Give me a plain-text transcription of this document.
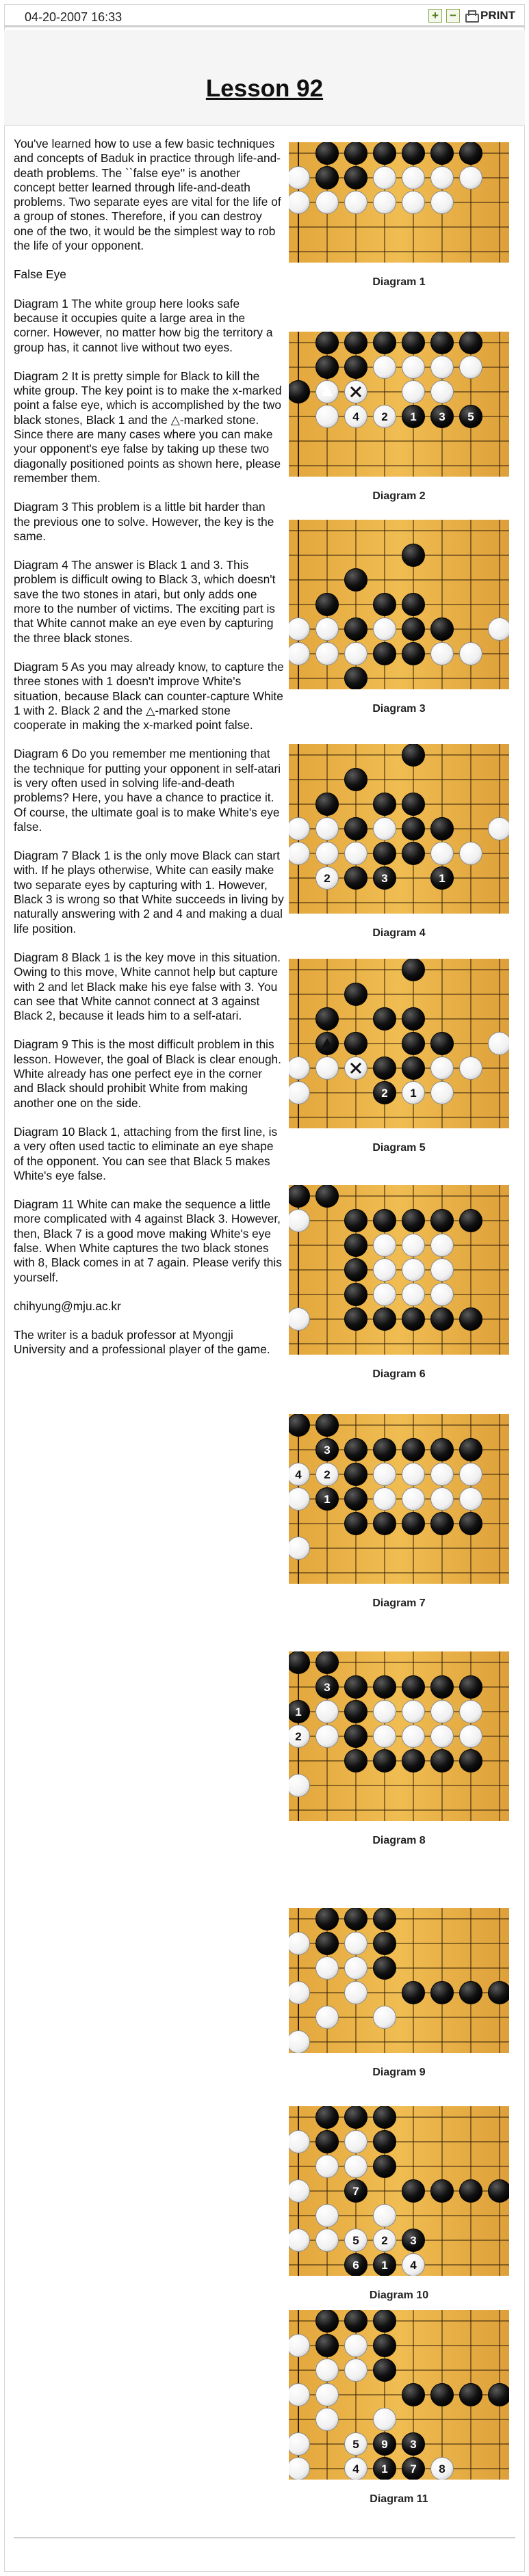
04-20-2007 16:33	+ − PRINT
Lesson 92

You've learned how to use a few basic techniques and concepts of Baduk in practice through life-and-death problems. The ``false eye'' is another concept better learned through life-and-death problems. Two separate eyes are vital for the life of a group of stones. Therefore, if you can destroy one of the two, it would be the simplest way to rob the life of your opponent.

False Eye

Diagram 1 The white group here looks safe because it occupies quite a large area in the corner. However, no matter how big the territory a group has, it cannot live without two eyes.

Diagram 2 It is pretty simple for Black to kill the white group. The key point is to make the x-marked point a false eye, which is accomplished by the two black stones, Black 1 and the △-marked stone. Since there are many cases where you can make your opponent's eye false by taking up these two diagonally positioned points as shown here, please remember them.

Diagram 3 This problem is a little bit harder than the previous one to solve. However, the key is the same.

Diagram 4 The answer is Black 1 and 3. This problem is difficult owing to Black 3, which doesn't save the two stones in atari, but only adds one more to the number of victims. The exciting part is that White cannot make an eye even by capturing the three black stones.

Diagram 5 As you may already know, to capture the three stones with 1 doesn't improve White's situation, because Black can counter-capture White 1 with 2. Black 2 and the △-marked stone cooperate in making the x-marked point false.

Diagram 6 Do you remember me mentioning that the technique for putting your opponent in self-atari is very often used in solving life-and-death problems? Here, you have a chance to practice it. Of course, the ultimate goal is to make White's eye false.

Diagram 7 Black 1 is the only move Black can start with. If he plays otherwise, White can easily make two separate eyes by capturing with 1. However, Black 3 is wrong so that White succeeds in living by naturally answering with 2 and 4 and making a dual life position.

Diagram 8 Black 1 is the key move in this situation. Owing to this move, White cannot help but capture with 2 and let Black make his eye false with 3. You can see that White cannot connect at 3 against Black 2, because it leads him to a self-atari.

Diagram 9 This is the most difficult problem in this lesson. However, the goal of Black is clear enough. White already has one perfect eye in the corner and Black should prohibit White from making another one on the side.

Diagram 10 Black 1, attaching from the first line, is a very often used tactic to eliminate an eye shape of the opponent. You can see that Black 5 makes White's eye false.

Diagram 11 White can make the sequence a little more complicated with 4 against Black 3. However, then, Black 7 is a good move making White's eye false. When White captures the two black stones with 8, Black comes in at 7 again. Please verify this yourself.

chihyung@mju.ac.kr

The writer is a baduk professor at Myongji University and a professional player of the game.

Diagram 1
4 2 1 3 5
Diagram 2
Diagram 3
2	3	1
Diagram 4
1
2
Diagram 5
Diagram 6
4 2
3
1
Diagram 7
2
3
1
Diagram 8
Diagram 9
5 2
4
7
3
6 1
Diagram 10
5
4	8
9 3
1 7
Diagram 11
